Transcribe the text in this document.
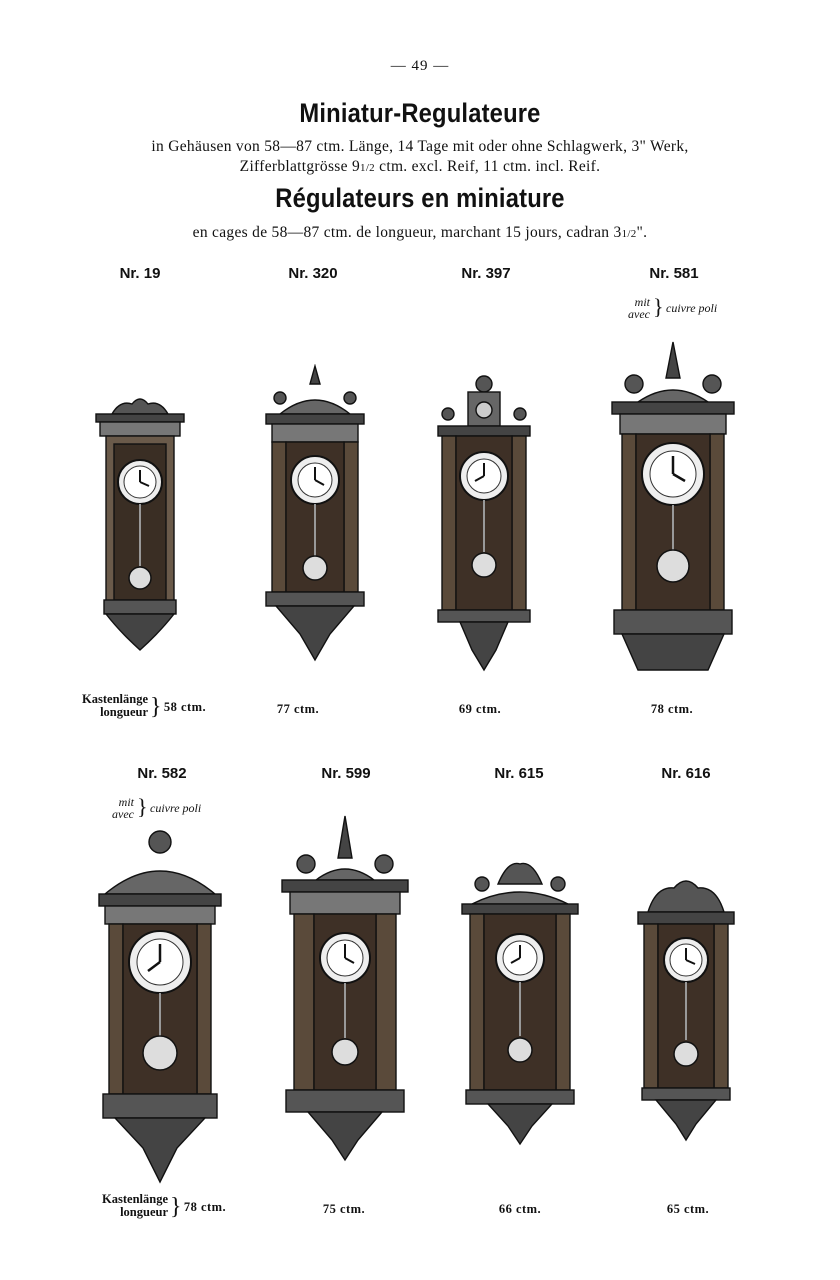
— 49 —
Miniatur-Regulateure
in Gehäusen von 58—87 ctm. Länge, 14 Tage mit oder ohne Schlagwerk, 3" Werk,
Zifferblattgrösse 91/2 ctm. excl. Reif, 11 ctm. incl. Reif.
Régulateurs en miniature
en cages de 58—87 ctm. de longueur, marchant 15 jours, cadran 31/2".
Nr. 19	Nr. 320	Nr. 397	Nr. 581
mit
avec } cuivre poli
Nr. 582	Nr. 599	Nr. 615	Nr. 616
mit
avec } cuivre poli
Kastenlänge
longueur } 58 ctm.	77 ctm.	69 ctm.	78 ctm.
Kastenlänge
longueur } 78 ctm.	75 ctm.	66 ctm.	65 ctm.
